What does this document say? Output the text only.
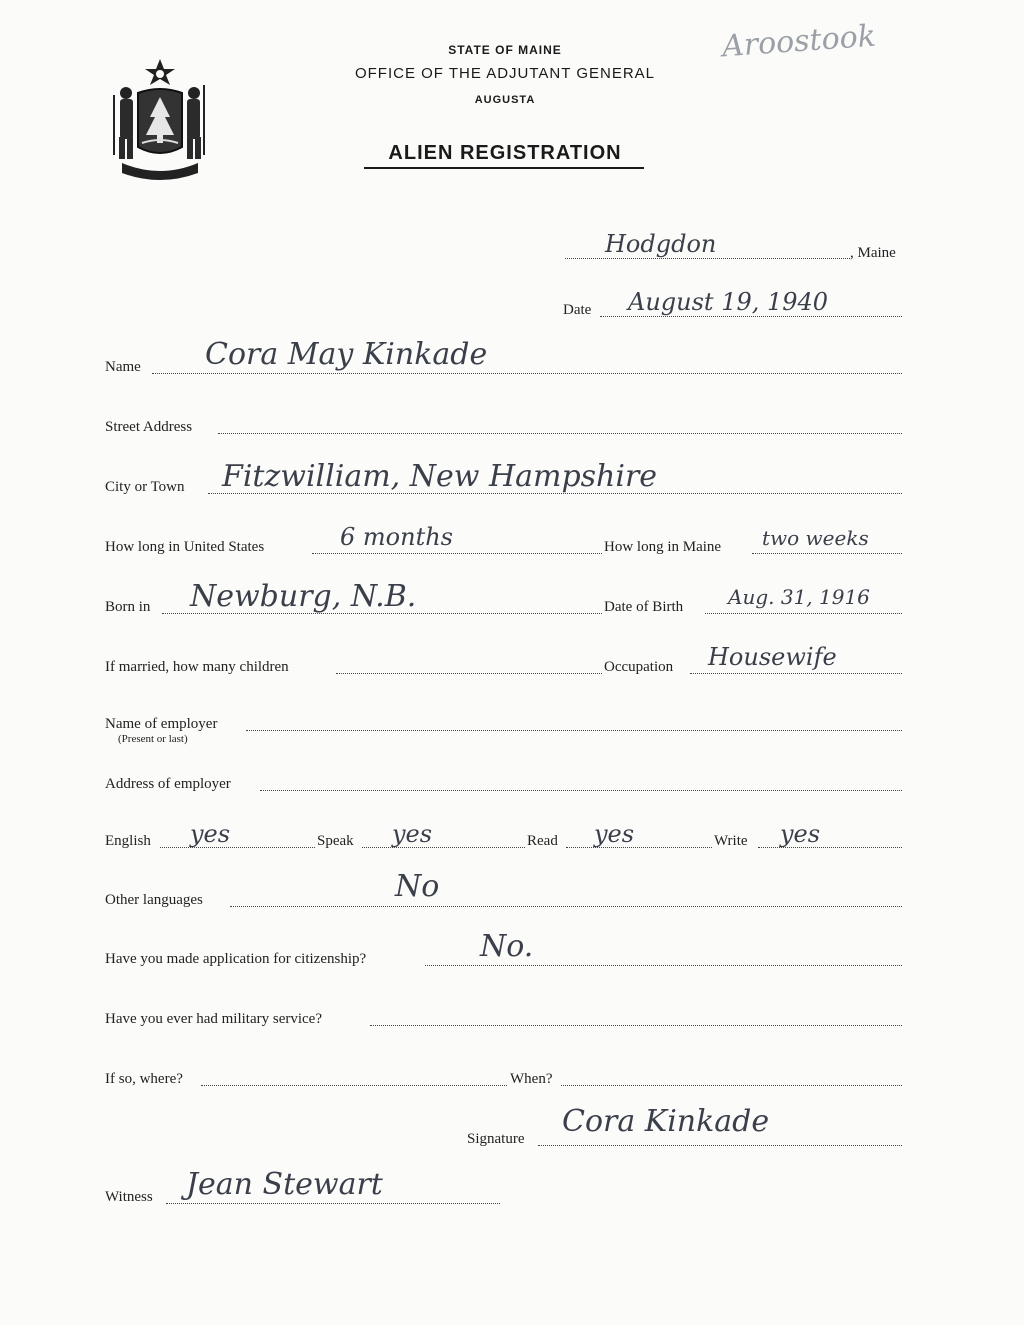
STATE OF MAINE
OFFICE OF THE ADJUTANT GENERAL
AUGUSTA
ALIEN REGISTRATION
Aroostook
Hodgdon	, Maine
Date August 19, 1940
Name Cora May Kinkade
Street Address
City or Town Fitzwilliam, New Hampshire
How long in United States	6 months	How long in Maine two weeks
Born in Newburg, N.B.	Date of Birth Aug. 31, 1916
If married, how many children	Occupation Housewife
Name of employer
(Present or last)
Address of employer
English yes	Speak yes	Read yes	Write yes
Other languages	No
Have you made application for citizenship?	No.
Have you ever had military service?
If so, where?	When?
Signature Cora Kinkade
Witness Jean Stewart
